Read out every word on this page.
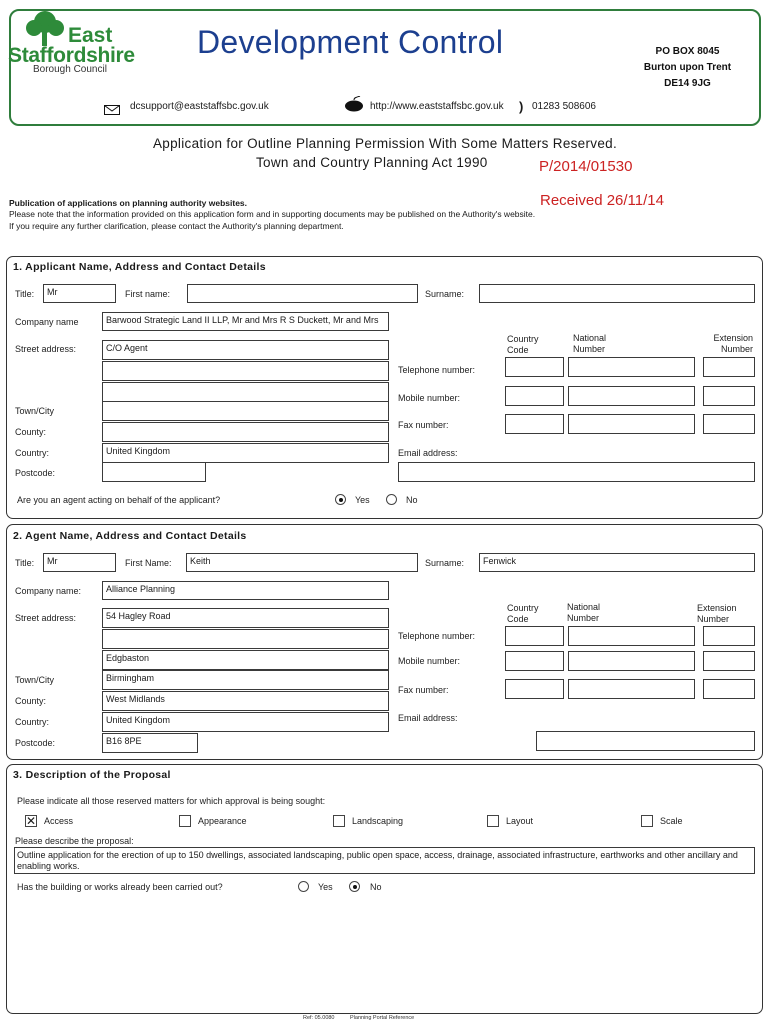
East
Staffordshire
Borough Council
Development Control	PO BOX 8045
Burton upon Trent
DE14 9JG
dcsupport@eaststaffsbc.gov.uk	http://www.eaststaffsbc.gov.uk ) 01283 508606
Application for Outline Planning Permission With Some Matters Reserved.
Town and Country Planning Act 1990	P/2014/01530
Received 26/11/14
Publication of applications on planning authority websites.
Please note that the information provided on this application form and in supporting documents may be published on the Authority's website.
If you require any further clarification, please contact the Authority's planning department.
1. Applicant Name, Address and Contact Details
Title:	Mr	First name:	Surname:
Company name	Barwood Strategic Land II LLP, Mr and Mrs R S Duckett, Mr and Mrs
Street address:	C/O Agent
Town/City
County:
Country:	United Kingdom
Postcode:
Country Code
National Number
Extension Number
Telephone number:
Mobile number:
Fax number:
Email address:
Are you an agent acting on behalf of the applicant?	Yes	No
2. Agent Name, Address and Contact Details
Title:	Mr	First Name:	Keith	Surname:	Fenwick
Company name:	Alliance Planning
Street address:	54 Hagley Road
Edgbaston
Town/City	Birmingham
County:	West Midlands
Country:	United Kingdom
Postcode:	B16 8PE
Country Code
National Number
Extension Number
Telephone number:
Mobile number:
Fax number:
Email address:
3. Description of the Proposal
Please indicate all those reserved matters for which approval is being sought:
✕ Access	Appearance	Landscaping	Layout	Scale
Please describe the proposal:
Outline application for the erection of up to 150 dwellings, associated landscaping, public open space, access, drainage, associated infrastructure, earthworks and other ancillary and enabling works.
Has the building or works already been carried out?	Yes	No
Ref: 05.0080	Planning Portal Reference
